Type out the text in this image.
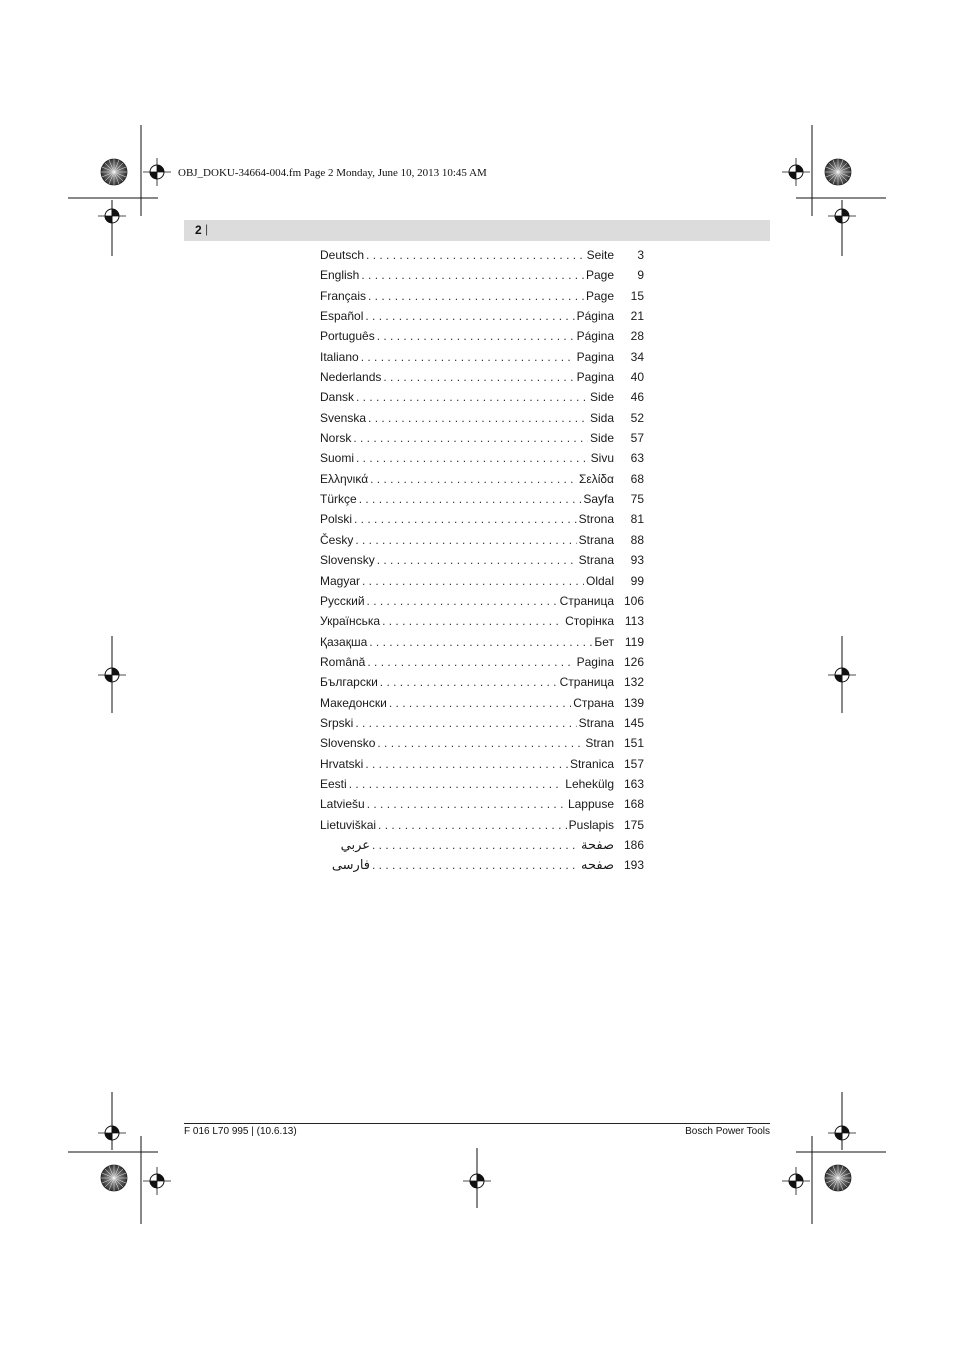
OBJ_DOKU-34664-004.fm Page 2 Monday, June 10, 2013 10:45 AM
2 |
Deutsch . . .	Seite	3
English . . .	Page	9
Français . . .	Page	15
Español . . .	Página	21
Português . . .	Página	28
Italiano . . .	Pagina	34
Nederlands . . .	Pagina	40
Dansk . . .	Side	46
Svenska . . .	Sida	52
Norsk . . .	Side	57
Suomi . . .	Sivu	63
Ελληνικά . . .	Σελίδα	68
Türkçe . . .	Sayfa	75
Polski . . .	Strona	81
Česky . . .	Strana	88
Slovensky . . .	Strana	93
Magyar . . .	Oldal	99
Русский . . .	Страница 106
Українська . . .	Сторінка 113
Қазақша . . .	Бет 119
Română . . .	Pagina 126
Български . . .	Страница 132
Македонски . . .	Страна 139
Srpski . . .	Strana 145
Slovensko . . .	Stran 151
Hrvatski . . .	Stranica 157
Eesti . . .	Lehekülg 163
Latviešu . . .	Lappuse 168
Lietuviškai . . .	Puslapis 175
عربي . . .	صفحة 186
فارسی . . .	صفحه 193
F 016 L70 995 | (10.6.13)	Bosch Power Tools
